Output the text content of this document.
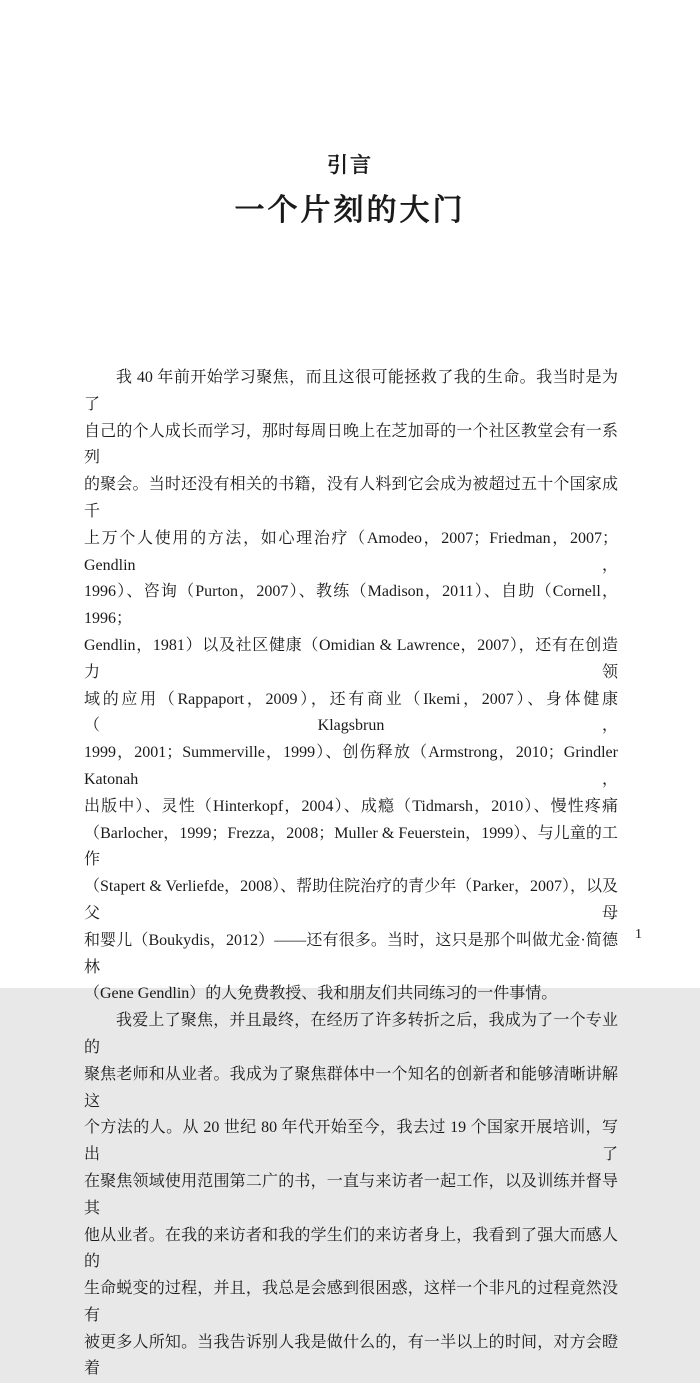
引言
一个片刻的大门
我 40 年前开始学习聚焦，而且这很可能拯救了我的生命。我当时是为了
自己的个人成长而学习，那时每周日晚上在芝加哥的一个社区教堂会有一系列
的聚会。当时还没有相关的书籍，没有人料到它会成为被超过五十个国家成千
上万个人使用的方法，如心理治疗（Amodeo，2007；Friedman，2007；Gendlin，
1996）、咨询（Purton，2007）、教练（Madison，2011）、自助（Cornell，1996；
Gendlin，1981）以及社区健康（Omidian & Lawrence，2007），还有在创造力领
域的应用（Rappaport，2009），还有商业（Ikemi，2007）、身体健康（Klagsbrun，
1999，2001；Summerville，1999）、创伤释放（Armstrong，2010；Grindler Katonah，
出版中）、灵性（Hinterkopf，2004）、成瘾（Tidmarsh，2010）、慢性疼痛
（Barlocher，1999；Frezza，2008；Muller & Feuerstein，1999）、与儿童的工作
（Stapert & Verliefde，2008）、帮助住院治疗的青少年（Parker，2007），以及父母
和婴儿（Boukydis，2012）——还有很多。当时，这只是那个叫做尤金·简德林
（Gene Gendlin）的人免费教授、我和朋友们共同练习的一件事情。
我爱上了聚焦，并且最终，在经历了许多转折之后，我成为了一个专业的
聚焦老师和从业者。我成为了聚焦群体中一个知名的创新者和能够清晰讲解这
个方法的人。从 20 世纪 80 年代开始至今，我去过 19 个国家开展培训，写出了
在聚焦领域使用范围第二广的书，一直与来访者一起工作，以及训练并督导其
他从业者。在我的来访者和我的学生们的来访者身上，我看到了强大而感人的
生命蜕变的过程，并且，我总是会感到很困惑，这样一个非凡的过程竟然没有
被更多人所知。当我告诉别人我是做什么的，有一半以上的时间，对方会瞪着
1
